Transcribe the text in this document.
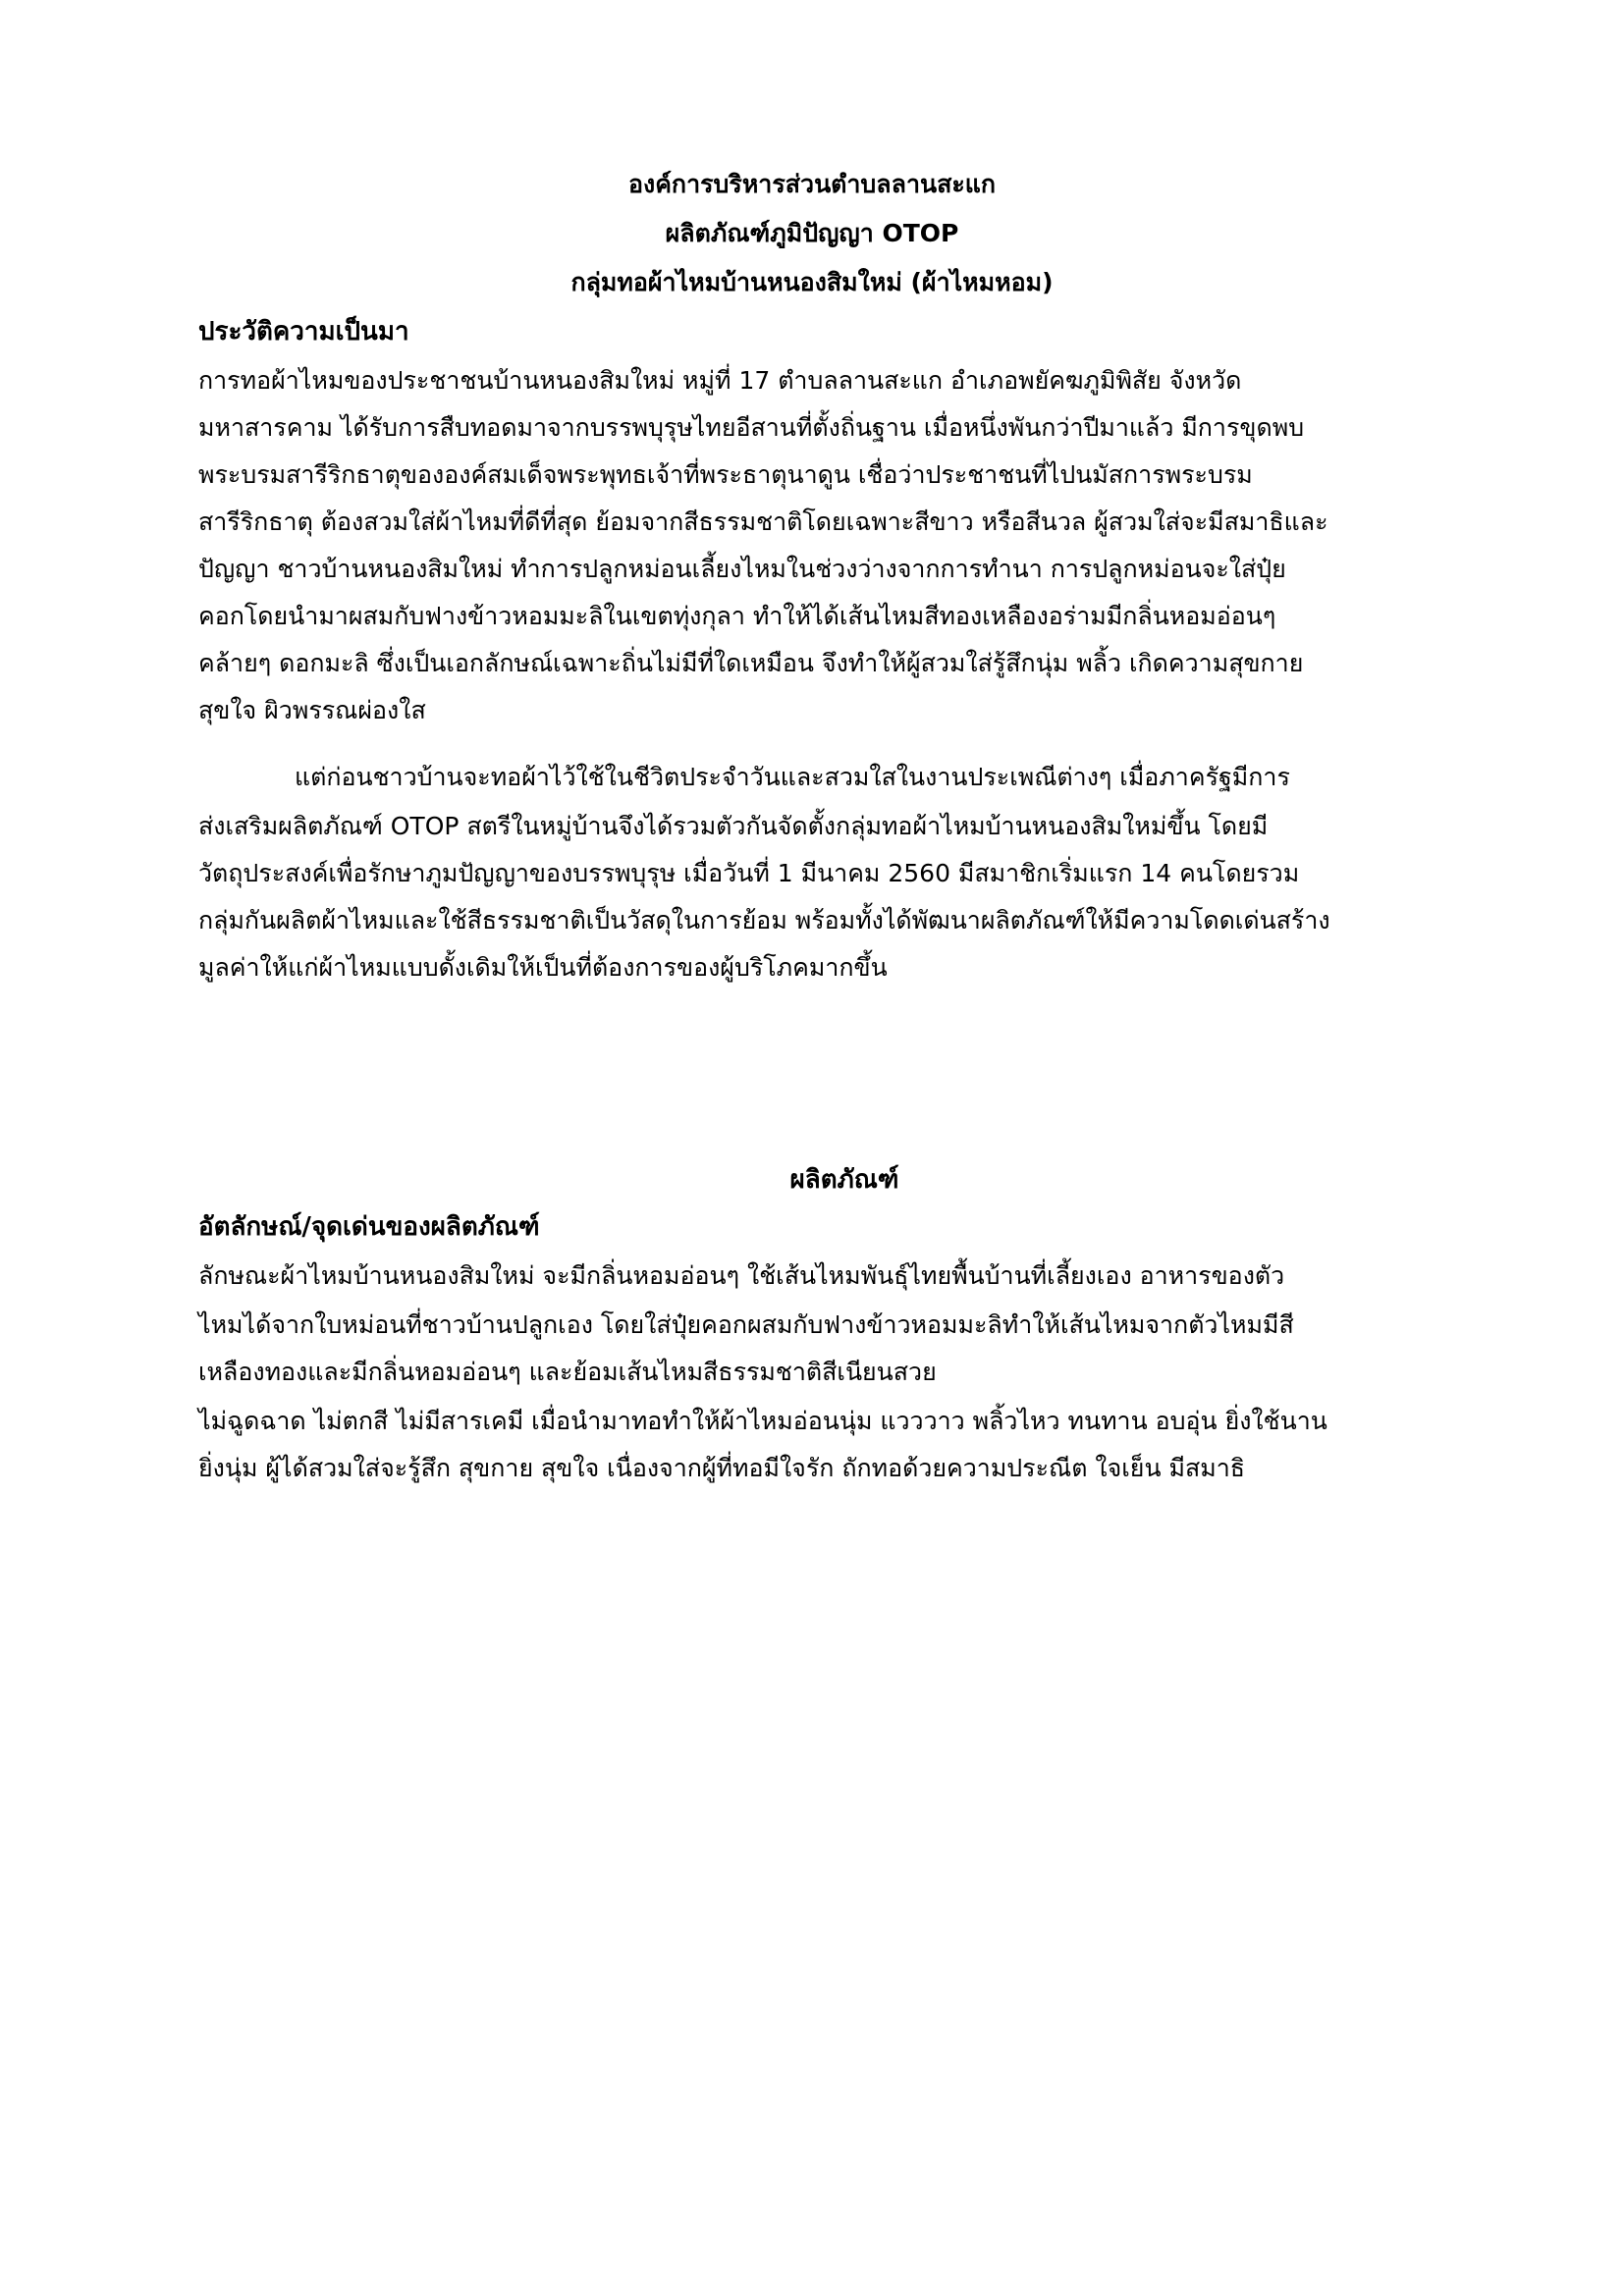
องค์การบริหารส่วนตำบลลานสะแก
ผลิตภัณฑ์ภูมิปัญญา OTOP
กลุ่มทอผ้าไหมบ้านหนองสิมใหม่ (ผ้าไหมหอม)
ประวัติความเป็นมา
การทอผ้าไหมของประชาชนบ้านหนองสิมใหม่ หมู่ที่ 17 ตำบลลานสะแก อำเภอพยัคฆภูมิพิสัย จังหวัด
มหาสารคาม ได้รับการสืบทอดมาจากบรรพบุรุษไทยอีสานที่ตั้งถิ่นฐาน เมื่อหนึ่งพันกว่าปีมาแล้ว มีการขุดพบ
พระบรมสารีริกธาตุขององค์สมเด็จพระพุทธเจ้าที่พระธาตุนาดูน เชื่อว่าประชาชนที่ไปนมัสการพระบรม
สารีริกธาตุ ต้องสวมใส่ผ้าไหมที่ดีที่สุด ย้อมจากสีธรรมชาติโดยเฉพาะสีขาว หรือสีนวล ผู้สวมใส่จะมีสมาธิและ
ปัญญา ชาวบ้านหนองสิมใหม่ ทำการปลูกหม่อนเลี้ยงไหมในช่วงว่างจากการทำนา การปลูกหม่อนจะใส่ปุ๋ย
คอกโดยนำมาผสมกับฟางข้าวหอมมะลิในเขตทุ่งกุลา ทำให้ได้เส้นไหมสีทองเหลืองอร่ามมีกลิ่นหอมอ่อนๆ
คล้ายๆ ดอกมะลิ ซึ่งเป็นเอกลักษณ์เฉพาะถิ่นไม่มีที่ใดเหมือน จึงทำให้ผู้สวมใส่รู้สึกนุ่ม พลิ้ว เกิดความสุขกาย
สุขใจ ผิวพรรณผ่องใส
แต่ก่อนชาวบ้านจะทอผ้าไว้ใช้ในชีวิตประจำวันและสวมใสในงานประเพณีต่างๆ เมื่อภาครัฐมีการ
ส่งเสริมผลิตภัณฑ์ OTOP สตรีในหมู่บ้านจึงได้รวมตัวกันจัดตั้งกลุ่มทอผ้าไหมบ้านหนองสิมใหม่ขึ้น โดยมี
วัตถุประสงค์เพื่อรักษาภูมปัญญาของบรรพบุรุษ เมื่อวันที่ 1 มีนาคม 2560 มีสมาชิกเริ่มแรก 14 คนโดยรวม
กลุ่มกันผลิตผ้าไหมและใช้สีธรรมชาติเป็นวัสดุในการย้อม พร้อมทั้งได้พัฒนาผลิตภัณฑ์ให้มีความโดดเด่นสร้าง
มูลค่าให้แก่ผ้าไหมแบบดั้งเดิมให้เป็นที่ต้องการของผู้บริโภคมากขึ้น
ผลิตภัณฑ์
อัตลักษณ์/จุดเด่นของผลิตภัณฑ์
ลักษณะผ้าไหมบ้านหนองสิมใหม่ จะมีกลิ่นหอมอ่อนๆ ใช้เส้นไหมพันธุ์ไทยพื้นบ้านที่เลี้ยงเอง อาหารของตัว
ไหมได้จากใบหม่อนที่ชาวบ้านปลูกเอง โดยใส่ปุ๋ยคอกผสมกับฟางข้าวหอมมะลิทำให้เส้นไหมจากตัวไหมมีสี
เหลืองทองและมีกลิ่นหอมอ่อนๆ และย้อมเส้นไหมสีธรรมชาติสีเนียนสวย
ไม่ฉูดฉาด ไม่ตกสี ไม่มีสารเคมี เมื่อนำมาทอทำให้ผ้าไหมอ่อนนุ่ม แวววาว พลิ้วไหว ทนทาน อบอุ่น ยิ่งใช้นาน
ยิ่งนุ่ม ผู้ได้สวมใส่จะรู้สึก สุขกาย สุขใจ เนื่องจากผู้ที่ทอมีใจรัก ถักทอด้วยความประณีต ใจเย็น มีสมาธิ
